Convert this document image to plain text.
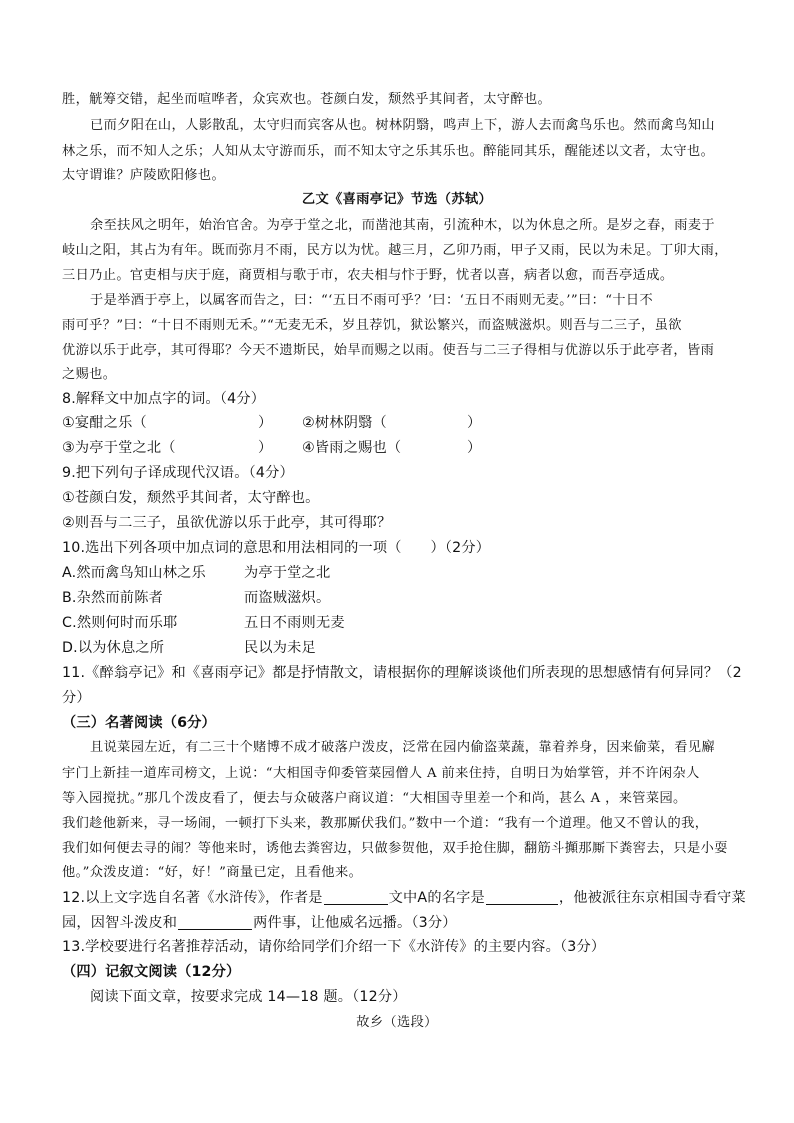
胜，觥筹交错，起坐而喧哗者，众宾欢也。苍颜白发，颓然乎其间者，太守醉也。
已而夕阳在山，人影散乱，太守归而宾客从也。树林阴翳，鸣声上下，游人去而禽鸟乐也。然而禽鸟知山
林之乐，而不知人之乐；人知从太守游而乐，而不知太守之乐其乐也。醉能同其乐，醒能述以文者，太守也。
太守谓谁？庐陵欧阳修也。
乙文《喜雨亭记》节选（苏轼）
余至扶风之明年，始治官舍。为亭于堂之北，而凿池其南，引流种木，以为休息之所。是岁之春，雨麦于
岐山之阳，其占为有年。既而弥月不雨，民方以为忧。越三月，乙卯乃雨，甲子又雨，民以为未足。丁卯大雨，
三日乃止。官吏相与庆于庭，商贾相与歌于市，农夫相与忭于野，忧者以喜，病者以愈，而吾亭适成。
于是举酒于亭上，以属客而告之，曰：“‘五日不雨可乎？’曰：‘五日不雨则无麦。’”曰：“十日不
雨可乎？”曰：“十日不雨则无禾。”“无麦无禾，岁且荐饥，狱讼繁兴，而盗贼滋炽。则吾与二三子，虽欲
优游以乐于此亭，其可得耶？今天不遗斯民，始旱而赐之以雨。使吾与二三子得相与优游以乐于此亭者，皆雨
之赐也。
8.解释文中加点字的词。（4分）
①宴酣之乐（	） ②树林阴翳（	）
③为亭于堂之北（	） ④皆雨之赐也（	）
9.把下列句子译成现代汉语。（4分）
①苍颜白发，颓然乎其间者，太守醉也。
②则吾与二三子，虽欲优游以乐于此亭，其可得耶？
10.选出下列各项中加点词的意思和用法相同的一项（　　）（2分）
A.然而禽鸟知山林之乐	为亭于堂之北
B.杂然而前陈者	而盗贼滋炽。
C.然则何时而乐耶	五日不雨则无麦
D.以为休息之所	民以为未足
11.《醉翁亭记》和《喜雨亭记》都是抒情散文，请根据你的理解谈谈他们所表现的思想感情有何异同？（2
分）
（三）名著阅读（6分）
且说菜园左近，有二三十个赌博不成才破落户泼皮，泛常在园内偷盗菜蔬，靠着养身，因来偷菜，看见廨
宇门上新挂一道库司榜文，上说：“大相国寺仰委管菜园僧人 A 前来住持，自明日为始掌管，并不许闲杂人
等入园搅扰。”那几个泼皮看了，便去与众破落户商议道：“大相国寺里差一个和尚，甚么 A ，来管菜园。
我们趁他新来，寻一场闹，一顿打下头来，教那厮伏我们。”数中一个道：“我有一个道理。他又不曾认的我，
我们如何便去寻的闹？等他来时，诱他去粪窖边，只做参贺他，双手抢住脚，翻筋斗攧那厮下粪窖去，只是小耍
他。”众泼皮道：“好，好！”商量已定，且看他来。
12.以上文字选自名著《水浒传》，作者是	文中A的名字是	，他被派往东京相国寺看守菜
园，因智斗泼皮和	两件事，让他威名远播。（3分）
13.学校要进行名著推荐活动，请你给同学们介绍一下《水浒传》的主要内容。（3分）
（四）记叙文阅读（12分）
阅读下面文章，按要求完成 14—18 题。（12分）
故乡（选段）
